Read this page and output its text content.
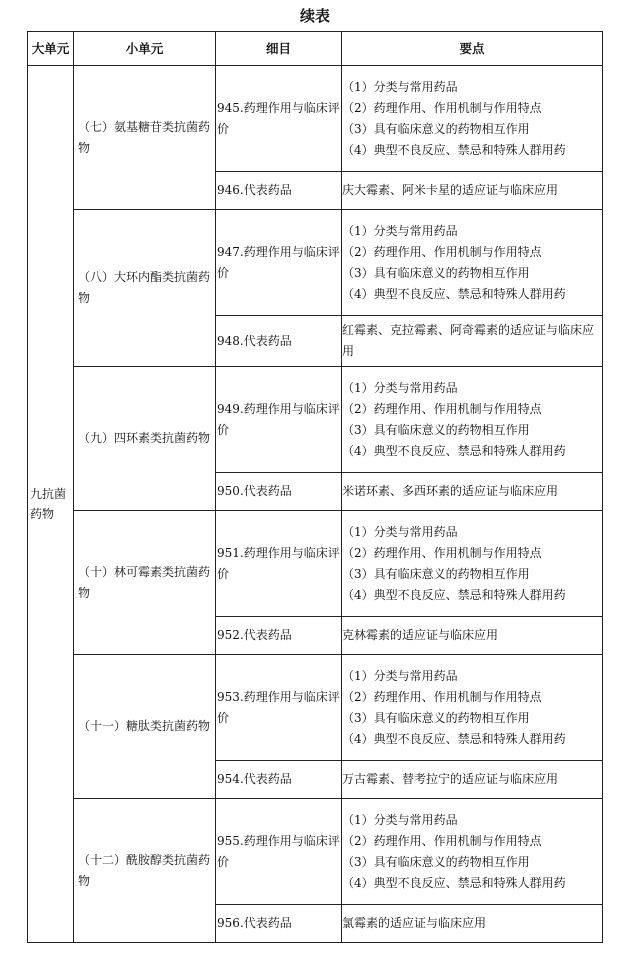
续表
大单元	小单元	细目	要点
九抗菌药物	（七）氨基糖苷类抗菌药物	945.药理作用与临床评价	（1）分类与常用药品
（2）药理作用、作用机制与作用特点
（3）具有临床意义的药物相互作用
（4）典型不良反应、禁忌和特殊人群用药

		946.代表药品	庆大霉素、阿米卡星的适应证与临床应用

	（八）大环内酯类抗菌药物	947.药理作用与临床评价	（1）分类与常用药品
（2）药理作用、作用机制与作用特点
（3）具有临床意义的药物相互作用
（4）典型不良反应、禁忌和特殊人群用药

		948.代表药品	红霉素、克拉霉素、阿奇霉素的适应证与临床应用

	（九）四环素类抗菌药物	949.药理作用与临床评价	（1）分类与常用药品
（2）药理作用、作用机制与作用特点
（3）具有临床意义的药物相互作用
（4）典型不良反应、禁忌和特殊人群用药

		950.代表药品	米诺环素、多西环素的适应证与临床应用

	（十）林可霉素类抗菌药物	951.药理作用与临床评价	（1）分类与常用药品
（2）药理作用、作用机制与作用特点
（3）具有临床意义的药物相互作用
（4）典型不良反应、禁忌和特殊人群用药

		952.代表药品	克林霉素的适应证与临床应用

	（十一）糖肽类抗菌药物	953.药理作用与临床评价	（1）分类与常用药品
（2）药理作用、作用机制与作用特点
（3）具有临床意义的药物相互作用
（4）典型不良反应、禁忌和特殊人群用药

		954.代表药品	万古霉素、替考拉宁的适应证与临床应用

	（十二）酰胺醇类抗菌药物	955.药理作用与临床评价	（1）分类与常用药品
（2）药理作用、作用机制与作用特点
（3）具有临床意义的药物相互作用
（4）典型不良反应、禁忌和特殊人群用药

		956.代表药品	氯霉素的适应证与临床应用
